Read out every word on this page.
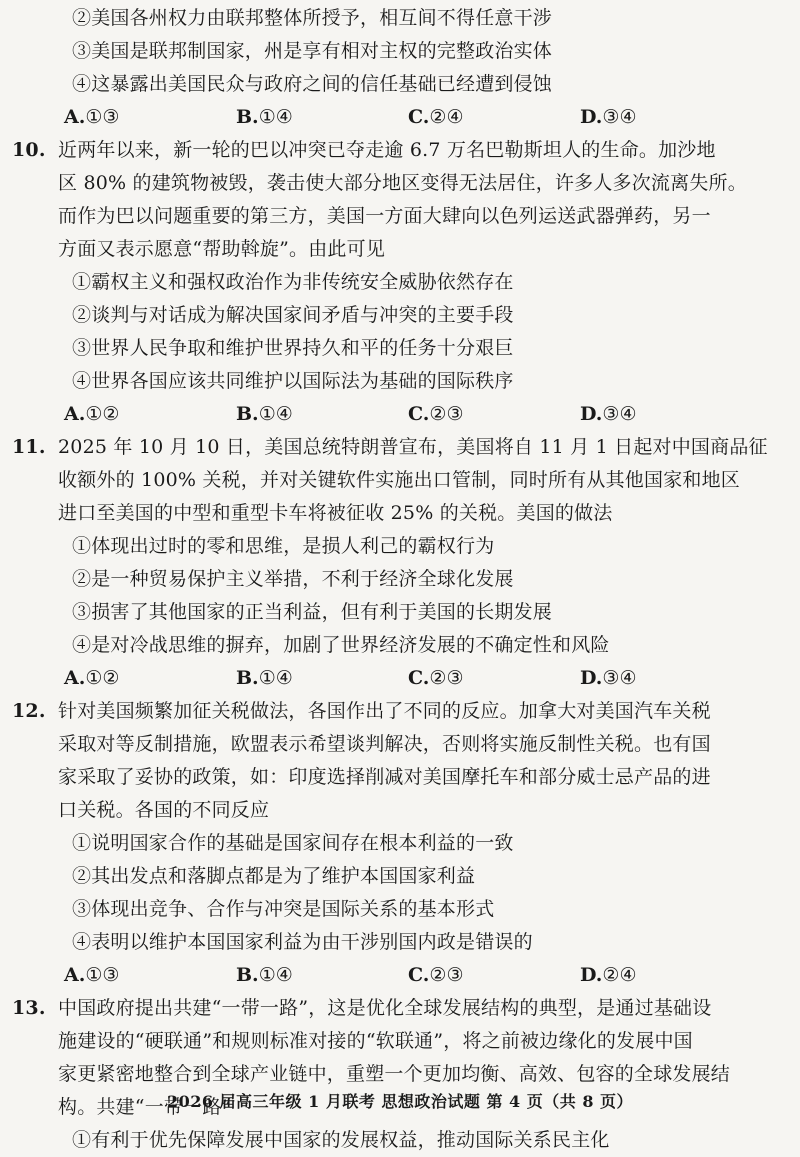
②美国各州权力由联邦整体所授予，相互间不得任意干涉
③美国是联邦制国家，州是享有相对主权的完整政治实体
④这暴露出美国民众与政府之间的信任基础已经遭到侵蚀
A.①③	B.①④	C.②④	D.③④
10. 近两年以来，新一轮的巴以冲突已夺走逾 6.7 万名巴勒斯坦人的生命。加沙地
区 80% 的建筑物被毁，袭击使大部分地区变得无法居住，许多人多次流离失所。
而作为巴以问题重要的第三方，美国一方面大肆向以色列运送武器弹药，另一
方面又表示愿意“帮助斡旋”。由此可见
①霸权主义和强权政治作为非传统安全威胁依然存在
②谈判与对话成为解决国家间矛盾与冲突的主要手段
③世界人民争取和维护世界持久和平的任务十分艰巨
④世界各国应该共同维护以国际法为基础的国际秩序
A.①②	B.①④	C.②③	D.③④
11. 2025 年 10 月 10 日，美国总统特朗普宣布，美国将自 11 月 1 日起对中国商品征
收额外的 100% 关税，并对关键软件实施出口管制，同时所有从其他国家和地区
进口至美国的中型和重型卡车将被征收 25% 的关税。美国的做法
①体现出过时的零和思维，是损人利己的霸权行为
②是一种贸易保护主义举措，不利于经济全球化发展
③损害了其他国家的正当利益，但有利于美国的长期发展
④是对冷战思维的摒弃，加剧了世界经济发展的不确定性和风险
A.①②	B.①④	C.②③	D.③④
12. 针对美国频繁加征关税做法，各国作出了不同的反应。加拿大对美国汽车关税
采取对等反制措施，欧盟表示希望谈判解决，否则将实施反制性关税。也有国
家采取了妥协的政策，如：印度选择削减对美国摩托车和部分威士忌产品的进
口关税。各国的不同反应
①说明国家合作的基础是国家间存在根本利益的一致
②其出发点和落脚点都是为了维护本国国家利益
③体现出竞争、合作与冲突是国际关系的基本形式
④表明以维护本国国家利益为由干涉别国内政是错误的
A.①③	B.①④	C.②③	D.②④
13. 中国政府提出共建“一带一路”，这是优化全球发展结构的典型，是通过基础设
施建设的“硬联通”和规则标准对接的“软联通”，将之前被边缘化的发展中国
家更紧密地整合到全球产业链中，重塑一个更加均衡、高效、包容的全球发展结
构。共建“一带一路”
①有利于优先保障发展中国家的发展权益，推动国际关系民主化
2026 届高三年级 1 月联考 思想政治试题 第 4 页（共 8 页）
